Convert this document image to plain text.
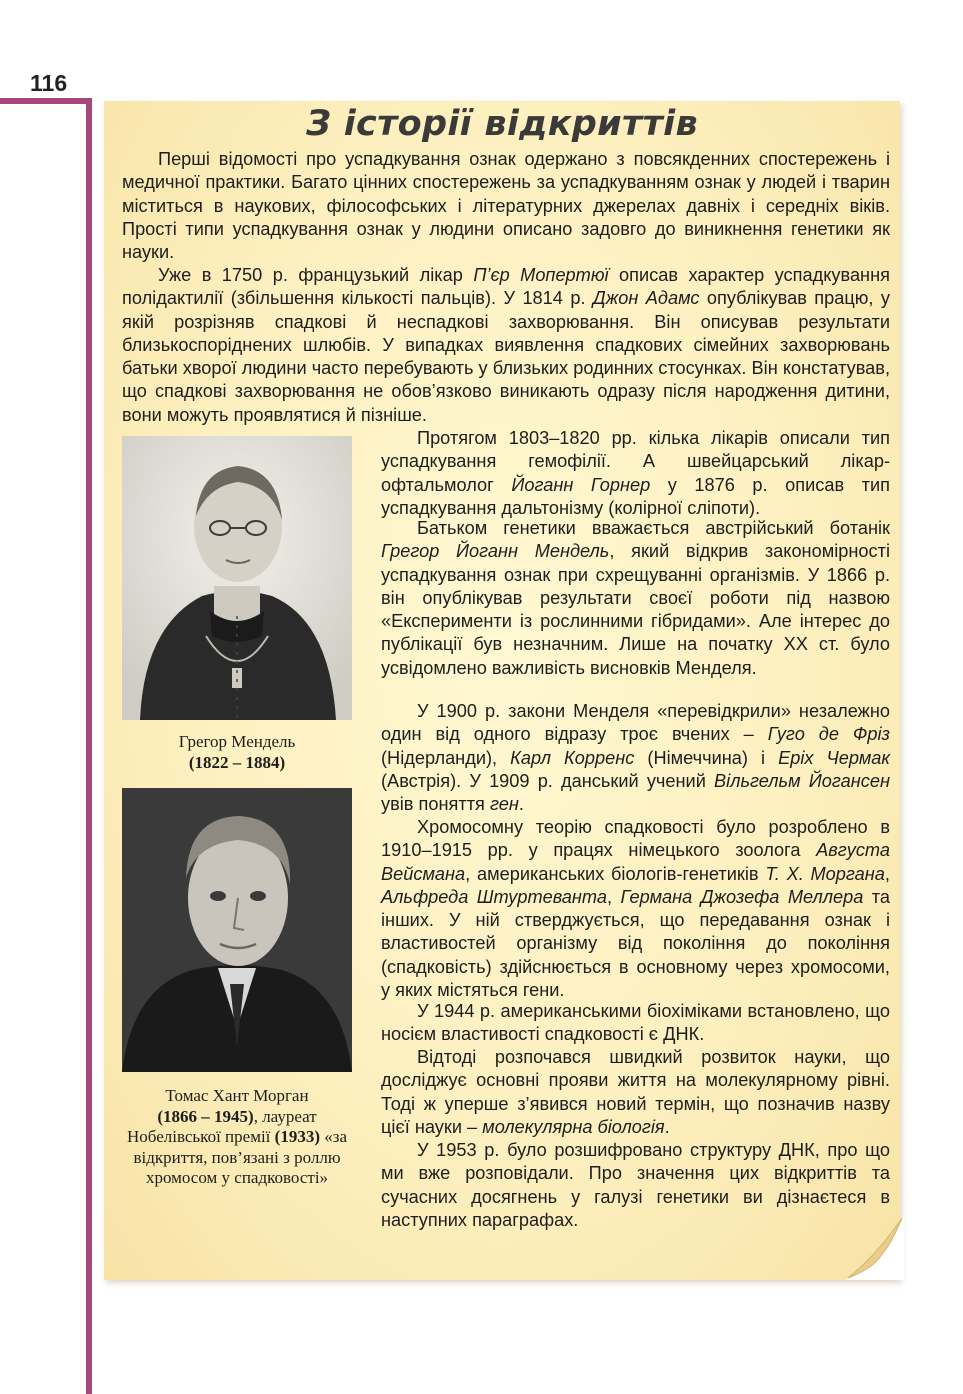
116
З історії відкриттів

Перші відомості про успадкування ознак одержано з повсякденних спостережень і медичної практики. Багато цінних спостережень за успадкуванням ознак у людей і тварин міститься в наукових, філософських і літературних джерелах давніх і середніх віків. Прості типи успадкування ознак у людини описано задовго до виникнення генетики як науки.

Уже в 1750 р. французький лікар П’єр Мопертюї описав характер успадкування полідактилії (збільшення кількості пальців). У 1814 р. Джон Адамс опублікував працю, у якій розрізняв спадкові й неспадкові захворювання. Він описував результати близькоспоріднених шлюбів. У випадках виявлення спадкових сімейних захворювань батьки хворої людини часто перебувають у близьких родинних стосунках. Він констатував, що спадкові захворювання не обов’язково виникають одразу після народження дитини, вони можуть проявлятися й пізніше.

Протягом 1803–1820 рр. кілька лікарів описали тип успадкування гемофілії. А швейцарський лікар-офтальмолог Йоганн Горнер у 1876 р. описав тип успадкування дальтонізму (колірної сліпоти).

Батьком генетики вважається австрійський ботанік Грегор Йоганн Мендель, який відкрив закономірності успадкування ознак при схрещуванні організмів. У 1866 р. він опублікував результати своєї роботи під назвою «Експерименти із рослинними гібридами». Але інтерес до публікації був незначним. Лише на початку XX ст. було усвідомлено важливість висновків Менделя.

У 1900 р. закони Менделя «перевідкрили» незалежно один від одного відразу троє вчених – Гуго де Фріз (Нідерланди), Карл Корренс (Німеччина) і Еріх Чермак (Австрія). У 1909 р. данський учений Вільгельм Йогансен увів поняття ген.

Хромосомну теорію спадковості було розроблено в 1910–1915 рр. у працях німецького зоолога Августа Вейсмана, американських біологів-генетиків Т. Х. Моргана, Альфреда Штуртеванта, Германа Джозефа Меллера та інших. У ній стверджується, що передавання ознак і властивостей організму від покоління до покоління (спадковість) здійснюється в основному через хромосоми, у яких містяться гени.

У 1944 р. американськими біохіміками встановлено, що носієм властивості спадковості є ДНК.

Відтоді розпочався швидкий розвиток науки, що досліджує основні прояви життя на молекулярному рівні. Тоді ж уперше з’явився новий термін, що позначив назву цієї науки – молекулярна біологія.

У 1953 р. було розшифровано структуру ДНК, про що ми вже розповідали. Про значення цих відкриттів та сучасних досягнень у галузі генетики ви дізнаєтеся в наступних параграфах.

Грегор Мендель
(1822 – 1884)
Томас Хант Морган
(1866 – 1945), лауреат Нобелівської премії (1933) «за відкриття, пов’язані з роллю хромосом у спадковості»
